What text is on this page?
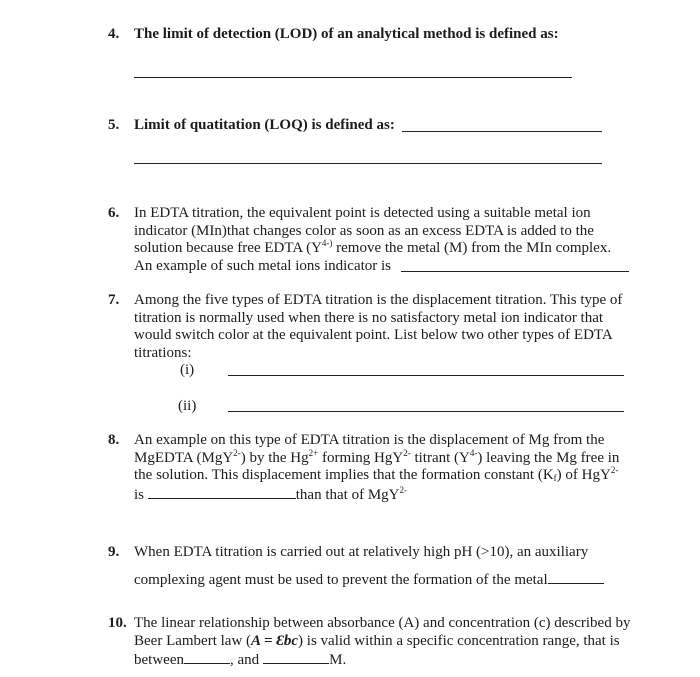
4. The limit of detection (LOD) of an analytical method is defined as:
5. Limit of quatitation (LOQ) is defined as:
6. In EDTA titration, the equivalent point is detected using a suitable metal ion
indicator (MIn)that changes color as soon as an excess EDTA is added to the
solution because free EDTA ($Y^{4-)}$ remove the metal (M) from the MIn complex.
An example of such metal ions indicator is
7. Among the five types of EDTA titration is the displacement titration. This type of
titration is normally used when there is no satisfactory metal ion indicator that
would switch color at the equivalent point. List below two other types of EDTA
titrations:
(i)
(ii)
8. An example on this type of EDTA titration is the displacement of Mg from the
MgEDTA (MgY$^{2-}$) by the $Hg^{2+}$ forming HgY$^{2-}$ titrant $(Y^{4-})$ leaving the Mg free in
the solution. This displacement implies that the formation constant $(K_f)$ of HgY$^{2-}$
is	than that of MgY$^{2-}$
9. When EDTA titration is carried out at relatively high pH (>10), an auxiliary
complexing agent must be used to prevent the formation of the metal
10. The linear relationship between absorbance (A) and concentration (c) described by
Beer Lambert law (A = Ɛbc) is valid within a specific concentration range, that is
between	, and	M.
